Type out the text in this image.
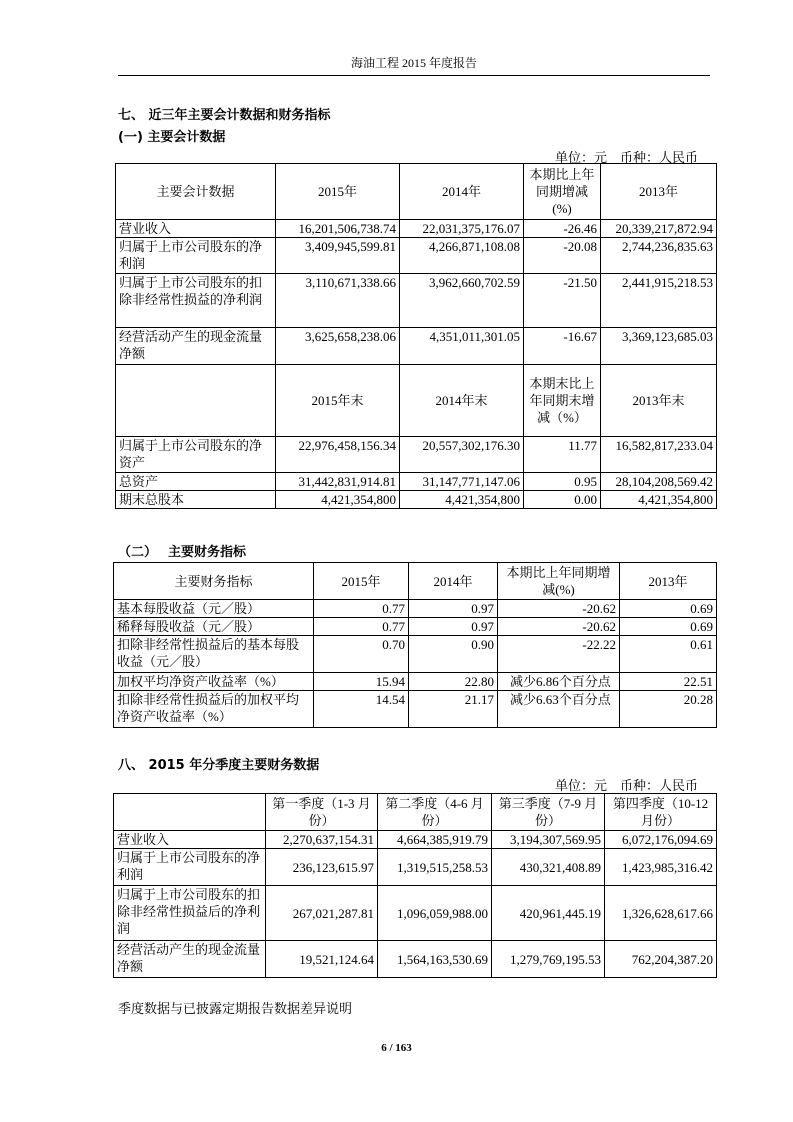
海油工程 2015 年度报告
七、 近三年主要会计数据和财务指标
(一) 主要会计数据
单位：元　币种：人民币
主要会计数据	2015年	2014年	本期比上年同期增减(%)	2013年
营业收入	16,201,506,738.74	22,031,375,176.07	-26.46	20,339,217,872.94
归属于上市公司股东的净利润	3,409,945,599.81	4,266,871,108.08	-20.08	2,744,236,835.63
归属于上市公司股东的扣除非经常性损益的净利润	3,110,671,338.66	3,962,660,702.59	-21.50	2,441,915,218.53
经营活动产生的现金流量净额	3,625,658,238.06	4,351,011,301.05	-16.67	3,369,123,685.03
	2015年末	2014年末	本期末比上年同期末增减（%）	2013年末
归属于上市公司股东的净资产	22,976,458,156.34	20,557,302,176.30	11.77	16,582,817,233.04
总资产	31,442,831,914.81	31,147,771,147.06	0.95	28,104,208,569.42
期末总股本	4,421,354,800	4,421,354,800	0.00	4,421,354,800
（二）　 主要财务指标
主要财务指标	2015年	2014年	本期比上年同期增减(%)	2013年
基本每股收益（元／股）	0.77	0.97	-20.62	0.69
稀释每股收益（元／股）	0.77	0.97	-20.62	0.69
扣除非经常性损益后的基本每股收益（元／股）	0.70	0.90	-22.22	0.61
加权平均净资产收益率（%）	15.94	22.80	减少6.86个百分点	22.51
扣除非经常性损益后的加权平均净资产收益率（%）	14.54	21.17	减少6.63个百分点	20.28
八、 2015 年分季度主要财务数据
单位：元　币种：人民币
	第一季度（1-3 月份）	第二季度（4-6 月份）	第三季度（7-9 月份）	第四季度（10-12 月份）
营业收入	2,270,637,154.31	4,664,385,919.79	3,194,307,569.95	6,072,176,094.69
归属于上市公司股东的净利润	236,123,615.97	1,319,515,258.53	430,321,408.89	1,423,985,316.42
归属于上市公司股东的扣除非经常性损益后的净利润	267,021,287.81	1,096,059,988.00	420,961,445.19	1,326,628,617.66
经营活动产生的现金流量净额	19,521,124.64	1,564,163,530.69	1,279,769,195.53	762,204,387.20
季度数据与已披露定期报告数据差异说明
6 / 163
